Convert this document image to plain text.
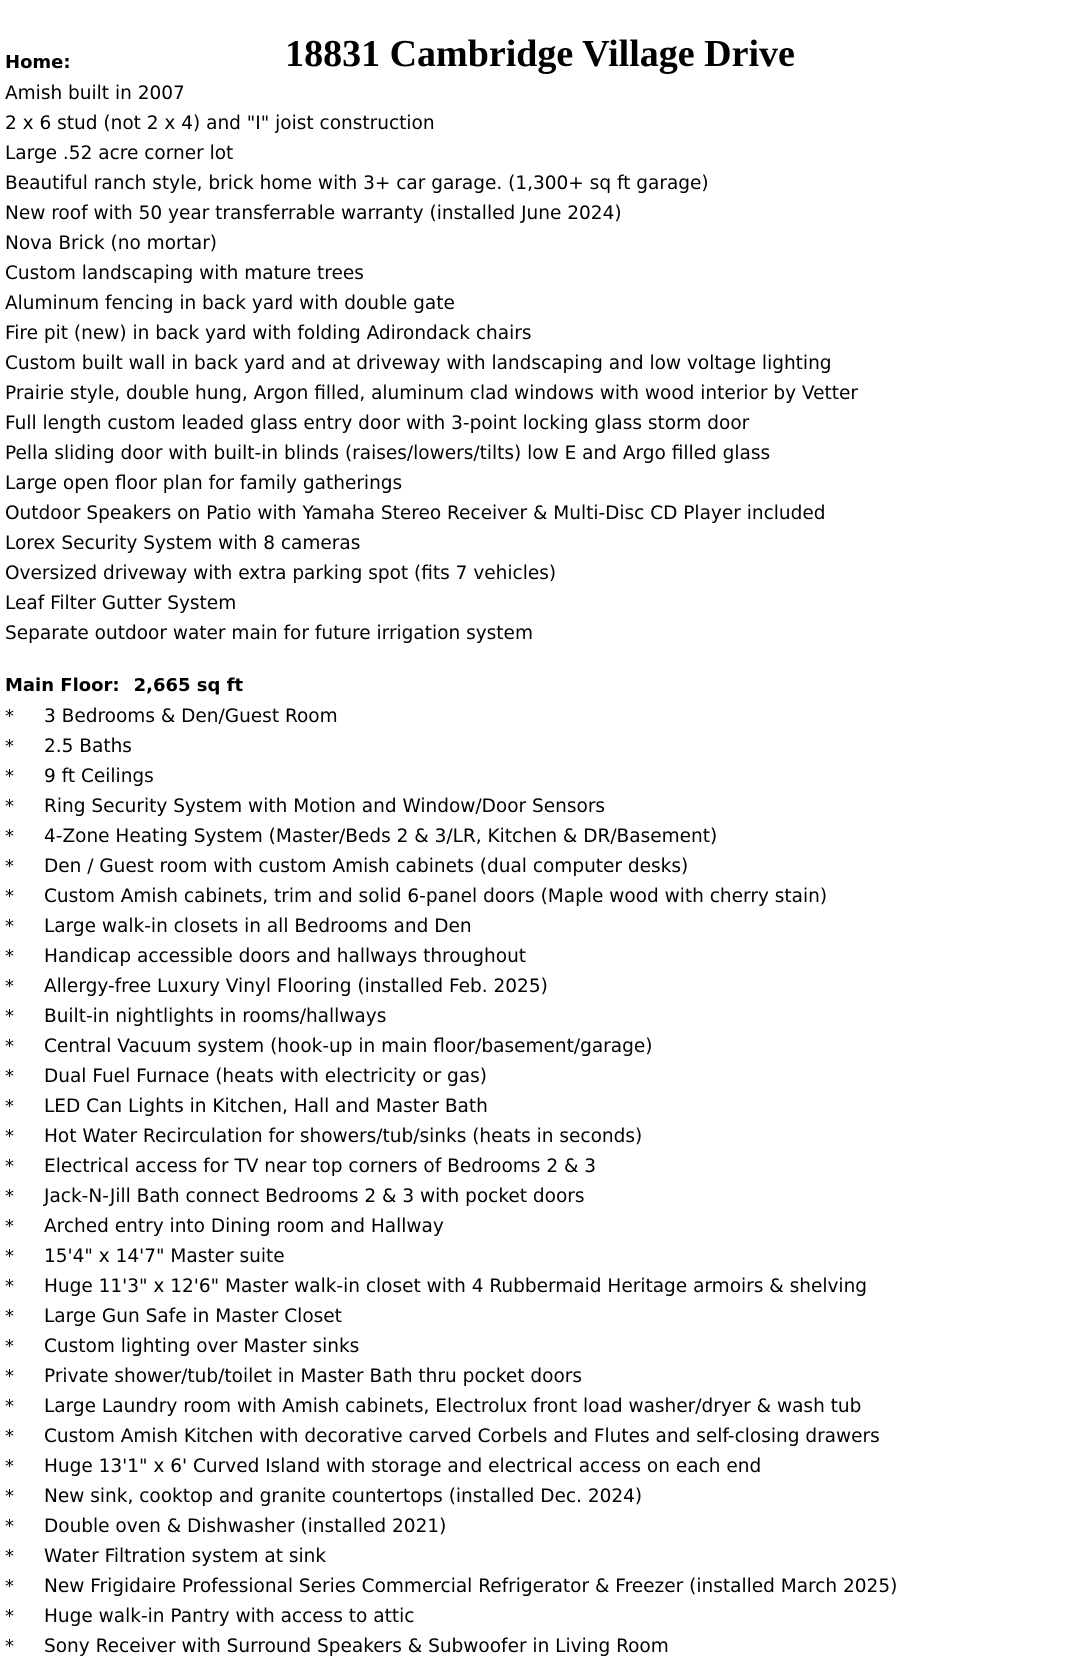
18831 Cambridge Village Drive
Home:
Amish built in 2007
2 x 6 stud (not 2 x 4) and "I" joist construction
Large .52 acre corner lot
Beautiful ranch style, brick home with 3+ car garage. (1,300+ sq ft garage)
New roof with 50 year transferrable warranty (installed June 2024)
Nova Brick (no mortar)
Custom landscaping with mature trees
Aluminum fencing in back yard with double gate
Fire pit (new) in back yard with folding Adirondack chairs
Custom built wall in back yard and at driveway with landscaping and low voltage lighting
Prairie style, double hung, Argon filled, aluminum clad windows with wood interior by Vetter
Full length custom leaded glass entry door with 3-point locking glass storm door
Pella sliding door with built-in blinds (raises/lowers/tilts) low E and Argo filled glass
Large open floor plan for family gatherings
Outdoor Speakers on Patio with Yamaha Stereo Receiver & Multi-Disc CD Player included
Lorex Security System with 8 cameras
Oversized driveway with extra parking spot (fits 7 vehicles)
Leaf Filter Gutter System
Separate outdoor water main for future irrigation system
Main Floor: 2,665 sq ft
* 3 Bedrooms & Den/Guest Room
* 2.5 Baths
* 9 ft Ceilings
* Ring Security System with Motion and Window/Door Sensors
* 4-Zone Heating System (Master/Beds 2 & 3/LR, Kitchen & DR/Basement)
* Den / Guest room with custom Amish cabinets (dual computer desks)
* Custom Amish cabinets, trim and solid 6-panel doors (Maple wood with cherry stain)
* Large walk-in closets in all Bedrooms and Den
* Handicap accessible doors and hallways throughout
* Allergy-free Luxury Vinyl Flooring (installed Feb. 2025)
* Built-in nightlights in rooms/hallways
* Central Vacuum system (hook-up in main floor/basement/garage)
* Dual Fuel Furnace (heats with electricity or gas)
* LED Can Lights in Kitchen, Hall and Master Bath
* Hot Water Recirculation for showers/tub/sinks (heats in seconds)
* Electrical access for TV near top corners of Bedrooms 2 & 3
* Jack-N-Jill Bath connect Bedrooms 2 & 3 with pocket doors
* Arched entry into Dining room and Hallway
* 15'4" x 14'7" Master suite
* Huge 11'3" x 12'6" Master walk-in closet with 4 Rubbermaid Heritage armoirs & shelving
* Large Gun Safe in Master Closet
* Custom lighting over Master sinks
* Private shower/tub/toilet in Master Bath thru pocket doors
* Large Laundry room with Amish cabinets, Electrolux front load washer/dryer & wash tub
* Custom Amish Kitchen with decorative carved Corbels and Flutes and self-closing drawers
* Huge 13'1" x 6' Curved Island with storage and electrical access on each end
* New sink, cooktop and granite countertops (installed Dec. 2024)
* Double oven & Dishwasher (installed 2021)
* Water Filtration system at sink
* New Frigidaire Professional Series Commercial Refrigerator & Freezer (installed March 2025)
* Huge walk-in Pantry with access to attic
* Sony Receiver with Surround Speakers & Subwoofer in Living Room
